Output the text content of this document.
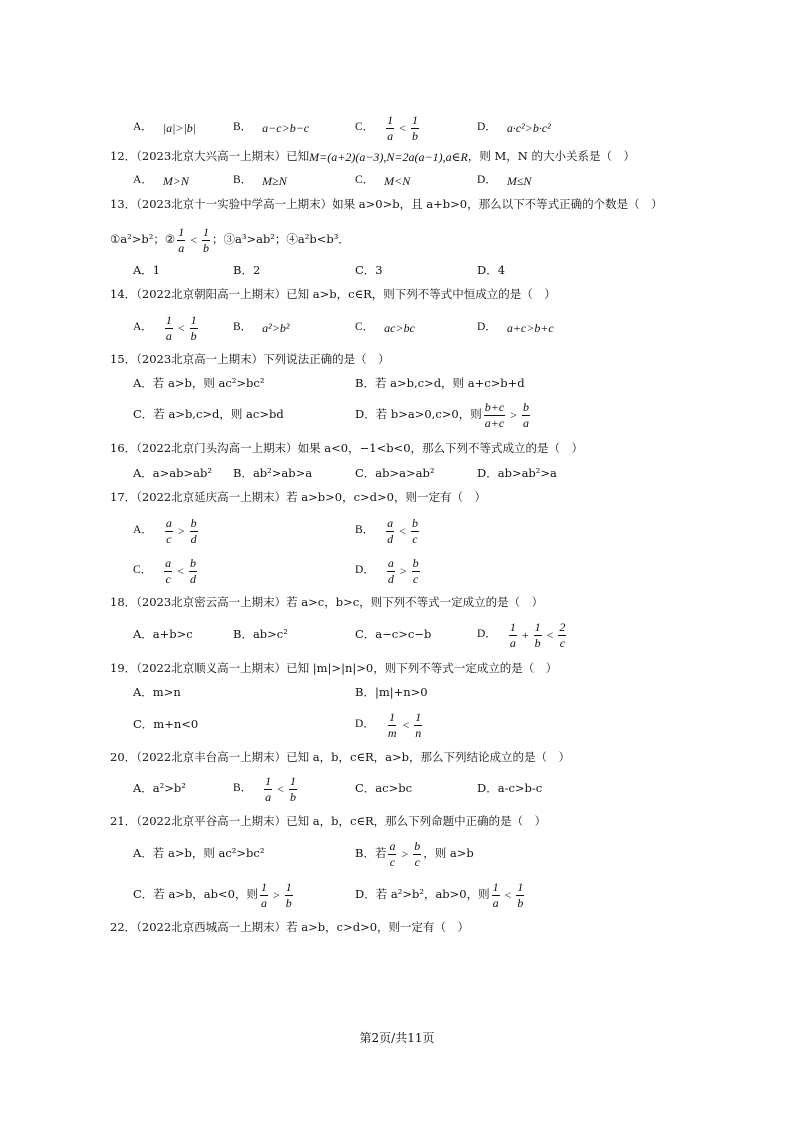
A． |a|>|b|	B． a−c>b−c	C． $\frac{1}{a} < \frac{1}{b}$	D． a·c²>b·c²
12．（2023北京大兴高一上期末）已知 M=(a+2)(a−3),N=2a(a−1),a∈R ，则 M，N 的大小关系是（　）
A． M>N	B． M≥N	C． M<N	D． M≤N
13．（2023北京十一实验中学高一上期末）如果 a>0>b，且 a+b>0，那么以下不等式正确的个数是（　）
①a²>b²；② $\frac{1}{a} < \frac{1}{b}$ ；③a³>ab²；④a²b<b³．
A．1	B．2	C．3	D．4
14．（2022北京朝阳高一上期末）已知 a>b，c∈R，则下列不等式中恒成立的是（　）
A． $\frac{1}{a} < \frac{1}{b}$	B． a²>b²	C． ac>bc	D． a+c>b+c
15．（2023北京高一上期末）下列说法正确的是（　）
A．若 a>b，则 ac²>bc²	B．若 a>b,c>d，则 a+c>b+d
C．若 a>b,c>d，则 ac>bd	D．若 b>a>0,c>0，则 $\frac{b+c}{a+c} > \frac{b}{a}$
16．（2022北京门头沟高一上期末）如果 a<0，−1<b<0，那么下列不等式成立的是（　）
A．a>ab>ab² B．ab²>ab>a	C．ab>a>ab²	D．ab>ab²>a
17．（2022北京延庆高一上期末）若 a>b>0，c>d>0，则一定有（　）
A． $\frac{a}{c} > \frac{b}{d}$	B． $\frac{a}{d} < \frac{b}{c}$
C． $\frac{a}{c} < \frac{b}{d}$	D． $\frac{a}{d} > \frac{b}{c}$
18．（2023北京密云高一上期末）若 a>c，b>c，则下列不等式一定成立的是（　）
A．a+b>c	B．ab>c²	C．a−c>c−b	D． $\frac{1}{a} + \frac{1}{b} < \frac{2}{c}$
19．（2022北京顺义高一上期末）已知 |m|>|n|>0，则下列不等式一定成立的是（　）
A．m>n	B．|m|+n>0
C．m+n<0	D． $\frac{1}{m} < \frac{1}{n}$
20．（2022北京丰台高一上期末）已知 a，b，c∈R，a>b，那么下列结论成立的是（　）
A．a²>b²	B． $\frac{1}{a} < \frac{1}{b}$	C．ac>bc	D．a-c>b-c
21．（2022北京平谷高一上期末）已知 a，b，c∈R，那么下列命题中正确的是（　）
A．若 a>b，则 ac²>bc²	B．若 $\frac{a}{c} > \frac{b}{c}$ ，则 a>b
C．若 a>b，ab<0，则 $\frac{1}{a} > \frac{1}{b}$	D．若 a²>b²，ab>0，则 $\frac{1}{a} < \frac{1}{b}$
22．（2022北京西城高一上期末）若 a>b，c>d>0，则一定有（　）
第2页/共11页
